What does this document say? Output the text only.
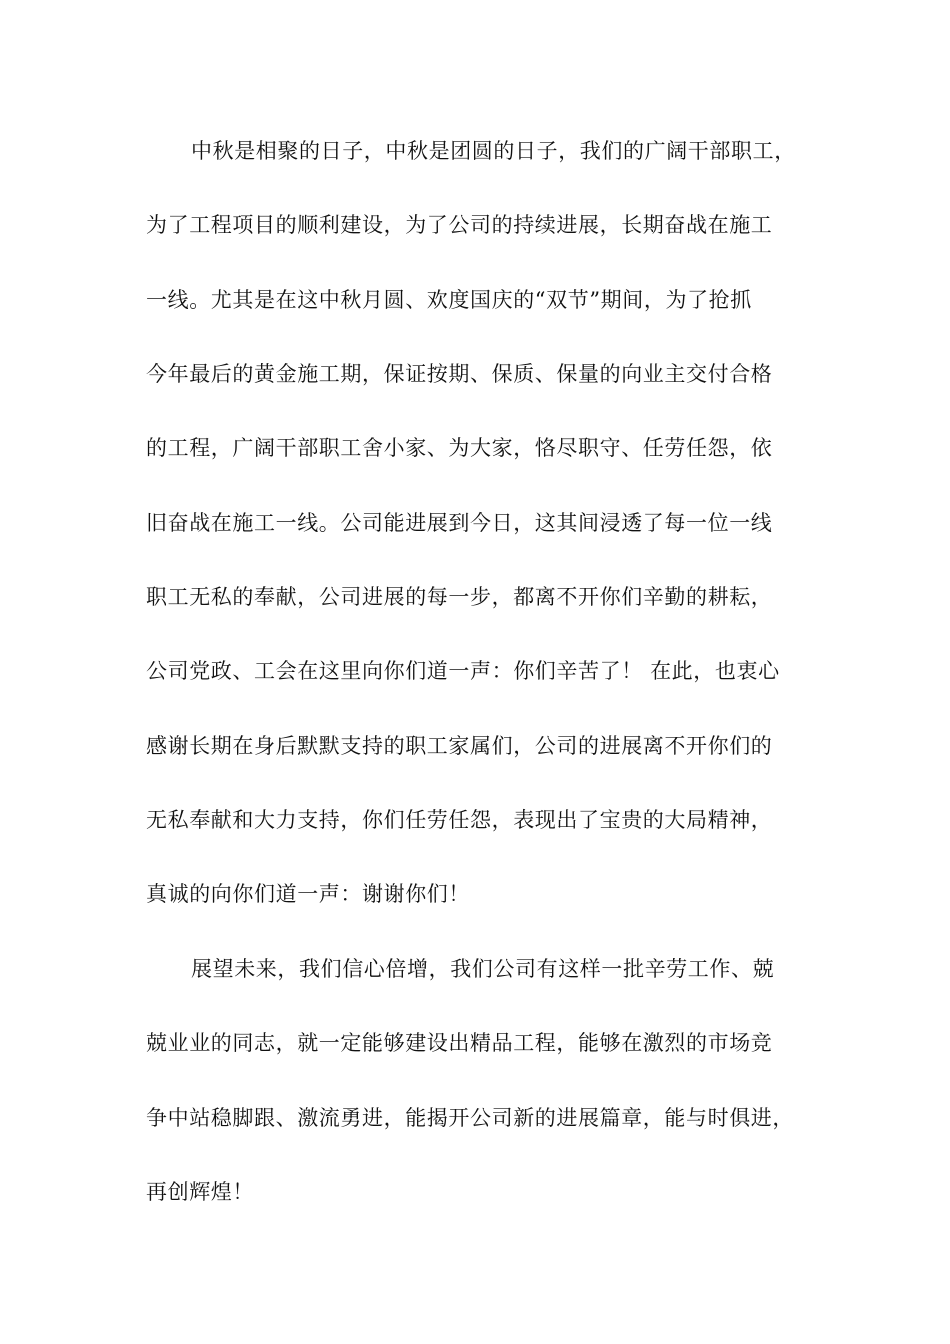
中秋是相聚的日子，中秋是团圆的日子，我们的广阔干部职工，
为了工程项目的顺利建设，为了公司的持续进展，长期奋战在施工
一线。尤其是在这中秋月圆、欢度国庆的“双节”期间，为了抢抓
今年最后的黄金施工期，保证按期、保质、保量的向业主交付合格
的工程，广阔干部职工舍小家、为大家，恪尽职守、任劳任怨，依
旧奋战在施工一线。公司能进展到今日，这其间浸透了每一位一线
职工无私的奉献，公司进展的每一步，都离不开你们辛勤的耕耘，
公司党政、工会在这里向你们道一声：你们辛苦了！ 在此，也衷心
感谢长期在身后默默支持的职工家属们，公司的进展离不开你们的
无私奉献和大力支持，你们任劳任怨，表现出了宝贵的大局精神，
真诚的向你们道一声：谢谢你们！
展望未来，我们信心倍增，我们公司有这样一批辛劳工作、兢
兢业业的同志，就一定能够建设出精品工程，能够在激烈的市场竞
争中站稳脚跟、激流勇进，能揭开公司新的进展篇章，能与时俱进，
再创辉煌！
